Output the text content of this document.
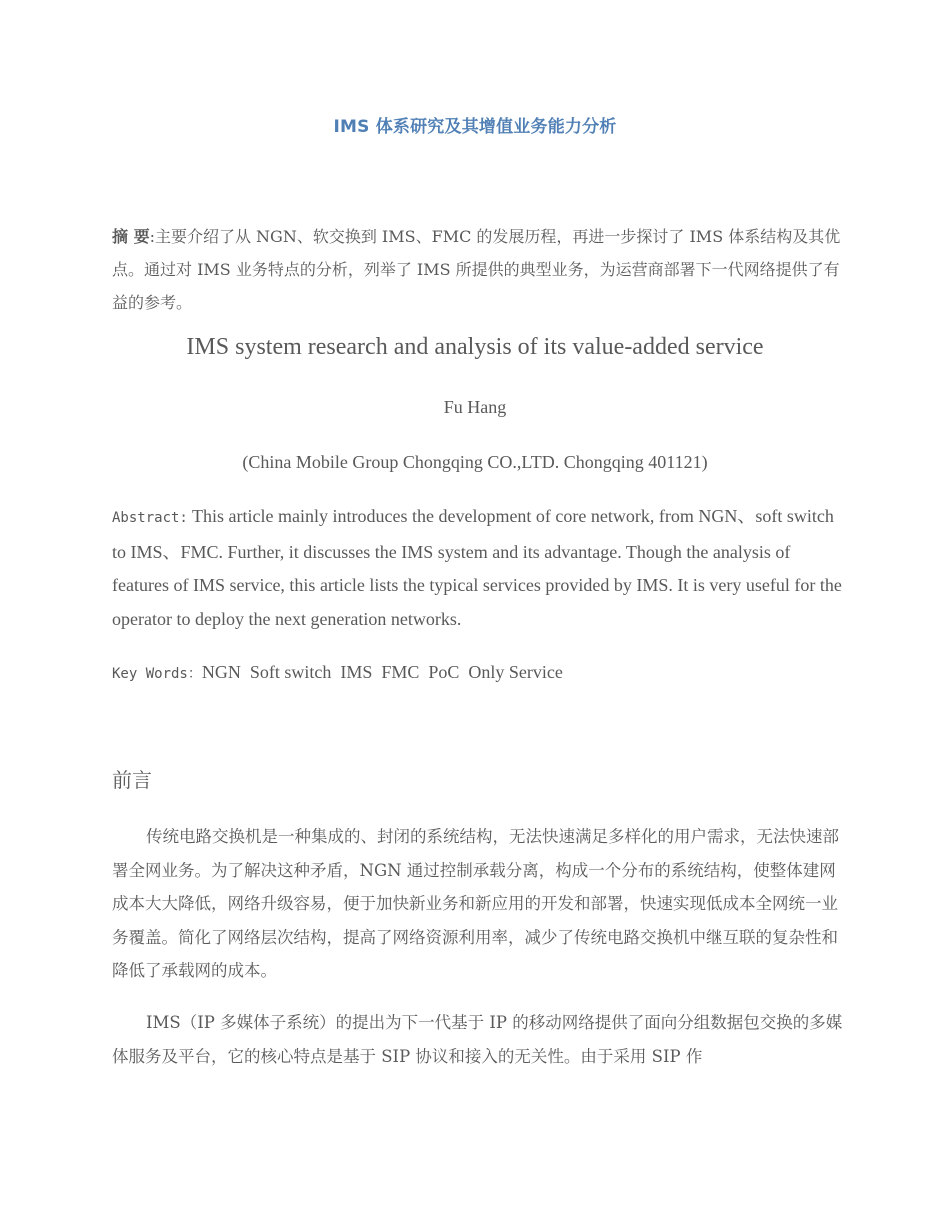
IMS 体系研究及其增值业务能力分析
摘 要:主要介绍了从 NGN、软交换到 IMS、FMC 的发展历程，再进一步探讨了 IMS 体系结构及其优点。通过对 IMS 业务特点的分析，列举了 IMS 所提供的典型业务，为运营商部署下一代网络提供了有益的参考。
IMS system research and analysis of its value-added service
Fu Hang
(China Mobile Group Chongqing CO.,LTD. Chongqing 401121)
Abstract: This article mainly introduces the development of core network, from NGN、soft switch to IMS、FMC. Further, it discusses the IMS system and its advantage. Though the analysis of features of IMS service, this article lists the typical services provided by IMS. It is very useful for the operator to deploy the next generation networks.
Key Words：NGN  Soft switch  IMS  FMC  PoC  Only Service
前言
传统电路交换机是一种集成的、封闭的系统结构，无法快速满足多样化的用户需求，无法快速部署全网业务。为了解决这种矛盾，NGN 通过控制承载分离，构成一个分布的系统结构，使整体建网成本大大降低，网络升级容易，便于加快新业务和新应用的开发和部署，快速实现低成本全网统一业务覆盖。简化了网络层次结构，提高了网络资源利用率，减少了传统电路交换机中继互联的复杂性和降低了承载网的成本。
IMS（IP 多媒体子系统）的提出为下一代基于 IP 的移动网络提供了面向分组数据包交换的多媒体服务及平台，它的核心特点是基于 SIP 协议和接入的无关性。由于采用 SIP 作
